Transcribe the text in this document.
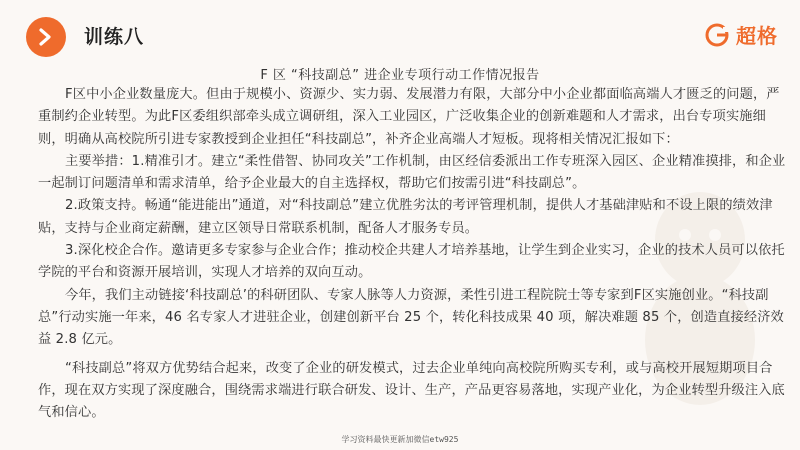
训练八	超格
F 区 “科技副总” 进企业专项行动工作情况报告

F区中小企业数量庞大。但由于规模小、资源少、实力弱、发展潜力有限，大部分中小企业都面临高端人才匮乏的问题，严重制约企业转型。为此F区委组织部牵头成立调研组，深入工业园区，广泛收集企业的创新难题和人才需求，出台专项实施细则，明确从高校院所引进专家教授到企业担任“科技副总”，补齐企业高端人才短板。现将相关情况汇报如下：

主要举措：1.精准引才。建立“柔性借智、协同攻关”工作机制，由区经信委派出工作专班深入园区、企业精准摸排，和企业一起制订问题清单和需求清单，给予企业最大的自主选择权，帮助它们按需引进“科技副总”。

2.政策支持。畅通“能进能出”通道，对“科技副总”建立优胜劣汰的考评管理机制，提供人才基础津贴和不设上限的绩效津贴，支持与企业商定薪酬，建立区领导日常联系机制，配备人才服务专员。

3.深化校企合作。邀请更多专家参与企业合作；推动校企共建人才培养基地，让学生到企业实习，企业的技术人员可以依托学院的平台和资源开展培训，实现人才培养的双向互动。

今年，我们主动链接‘科技副总’的科研团队、专家人脉等人力资源，柔性引进工程院院士等专家到F区实施创业。“科技副总”行动实施一年来，46 名专家人才进驻企业，创建创新平台 25 个，转化科技成果 40 项，解决难题 85 个，创造直接经济效益 2.8 亿元。

“科技副总”将双方优势结合起来，改变了企业的研发模式，过去企业单纯向高校院所购买专利，或与高校开展短期项目合作，现在双方实现了深度融合，围绕需求端进行联合研发、设计、生产，产品更容易落地，实现产业化，为企业转型升级注入底气和信心。

学习资料最快更新加微信etw925
